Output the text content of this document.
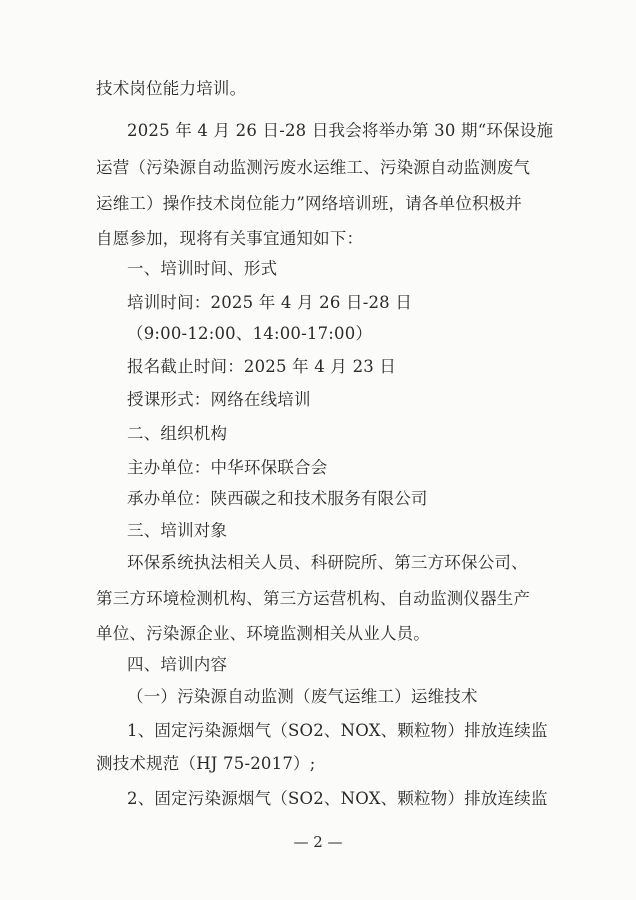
技术岗位能力培训。
2025 年 4 月 26 日-28 日我会将举办第 30 期“环保设施
运营（污染源自动监测污废水运维工、污染源自动监测废气
运维工）操作技术岗位能力”网络培训班，请各单位积极并
自愿参加，现将有关事宜通知如下：
一、培训时间、形式
培训时间：2025 年 4 月 26 日-28 日
（9:00-12:00、14:00-17:00）
报名截止时间：2025 年 4 月 23 日
授课形式：网络在线培训
二、组织机构
主办单位：中华环保联合会
承办单位：陕西碳之和技术服务有限公司
三、培训对象
环保系统执法相关人员、科研院所、第三方环保公司、
第三方环境检测机构、第三方运营机构、自动监测仪器生产
单位、污染源企业、环境监测相关从业人员。
四、培训内容
（一）污染源自动监测（废气运维工）运维技术
1、固定污染源烟气（SO2、NOX、颗粒物）排放连续监
测技术规范（HJ 75-2017）;
2、固定污染源烟气（SO2、NOX、颗粒物）排放连续监
— 2 —
